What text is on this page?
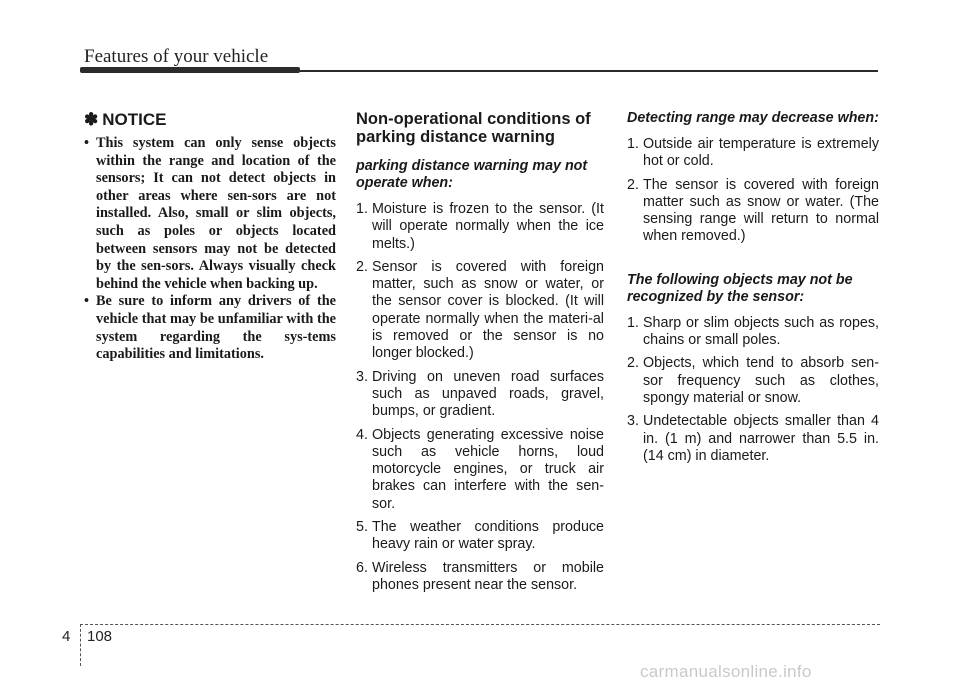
Features of your vehicle
✽ NOTICE
• This system can only sense objects within the range and location of the sensors; It can not detect objects in other areas where sen-sors are not installed. Also, small or slim objects, such as poles or objects located between sensors may not be detected by the sen-sors. Always visually check behind the vehicle when backing up.
• Be sure to inform any drivers of the vehicle that may be unfamiliar with the system regarding the sys-tems capabilities and limitations.
Non-operational conditions of parking distance warning
parking distance warning may not operate when:
1. Moisture is frozen to the sensor. (It will operate normally when the ice melts.)
2. Sensor is covered with foreign matter, such as snow or water, or the sensor cover is blocked. (It will operate normally when the materi-al is removed or the sensor is no longer blocked.)
3. Driving on uneven road surfaces such as unpaved roads, gravel, bumps, or gradient.
4. Objects generating excessive noise such as vehicle horns, loud motorcycle engines, or truck air brakes can interfere with the sen-sor.
5. The weather conditions produce heavy rain or water spray.
6. Wireless transmitters or mobile phones present near the sensor.
Detecting range may decrease when:
1. Outside air temperature is extremely hot or cold.
2. The sensor is covered with foreign matter such as snow or water. (The sensing range will return to normal when removed.)
The following objects may not be recognized by the sensor:
1. Sharp or slim objects such as ropes, chains or small poles.
2. Objects, which tend to absorb sen-sor frequency such as clothes, spongy material or snow.
3. Undetectable objects smaller than 4 in. (1 m) and narrower than 5.5 in. (14 cm) in diameter.
4 108
carmanualsonline.info
